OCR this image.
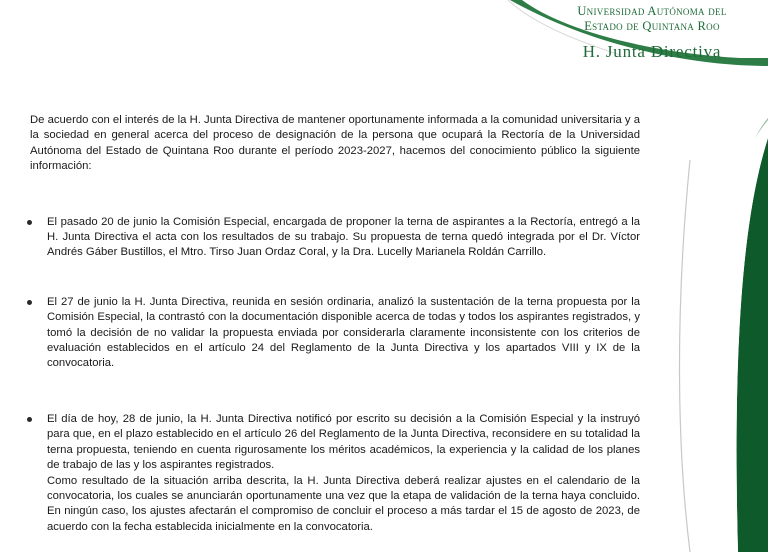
Universidad Autónoma del
Estado de Quintana Roo
H. Junta Directiva

De acuerdo con el interés de la H. Junta Directiva de mantener oportunamente informada a la comunidad universitaria y a la sociedad en general acerca del proceso de designación de la persona que ocupará la Rectoría de la Universidad Autónoma del Estado de Quintana Roo durante el período 2023-2027, hacemos del conocimiento público la siguiente información:

El pasado 20 de junio la Comisión Especial, encargada de proponer la terna de aspirantes a la Rectoría, entregó a la H. Junta Directiva el acta con los resultados de su trabajo. Su propuesta de terna quedó integrada por el Dr. Víctor Andrés Gáber Bustillos, el Mtro. Tirso Juan Ordaz Coral, y la Dra. Lucelly Marianela Roldán Carrillo.
El 27 de junio la H. Junta Directiva, reunida en sesión ordinaria, analizó la sustentación de la terna propuesta por la Comisión Especial, la contrastó con la documentación disponible acerca de todas y todos los aspirantes registrados, y tomó la decisión de no validar la propuesta enviada por considerarla claramente inconsistente con los criterios de evaluación establecidos en el artículo 24 del Reglamento de la Junta Directiva y los apartados VIII y IX de la convocatoria.
El día de hoy, 28 de junio, la H. Junta Directiva notificó por escrito su decisión a la Comisión Especial y la instruyó para que, en el plazo establecido en el artículo 26 del Reglamento de la Junta Directiva, reconsidere en su totalidad la terna propuesta, teniendo en cuenta rigurosamente los méritos académicos, la experiencia y la calidad de los planes de trabajo de las y los aspirantes registrados.

Como resultado de la situación arriba descrita, la H. Junta Directiva deberá realizar ajustes en el calendario de la convocatoria, los cuales se anunciarán oportunamente una vez que la etapa de validación de la terna haya concluido. En ningún caso, los ajustes afectarán el compromiso de concluir el proceso a más tardar el 15 de agosto de 2023, de acuerdo con la fecha establecida inicialmente en la convocatoria.
